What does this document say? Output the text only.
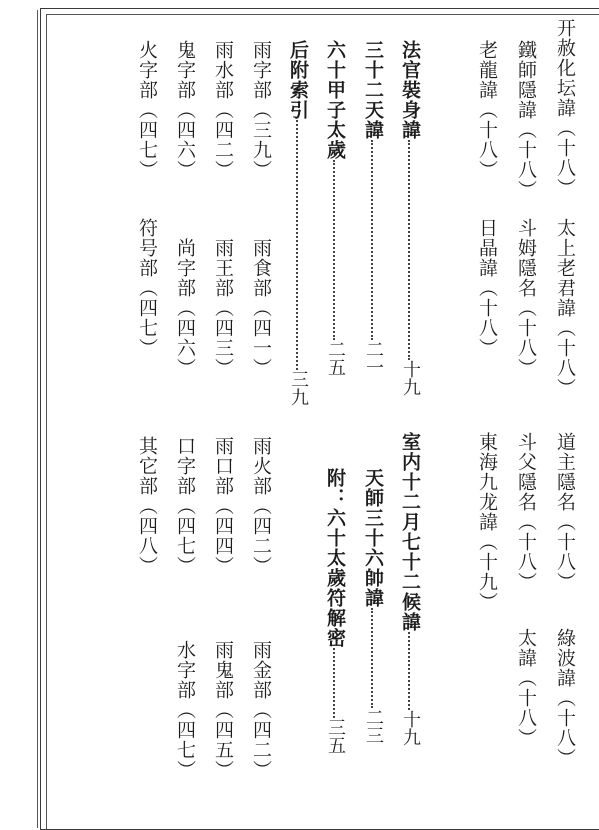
开赦化坛諱（十八）
太上老君諱（十八）
道主隱名（十八）
綠波諱（十八）
鐵師隱諱（十八）
斗姆隱名（十八）
斗父隱名（十八）
太諱（十八）
老龍諱（十八）
日晶諱（十八）
東海九龙諱（十九）
法官裝身諱
十九
室内十二月七十二候諱
十九
三十二天諱
二一
天師三十六帥諱
二三
六十甲子太歲
二五
附：六十太歲符解密
三五
后附索引
三九
雨字部（三九）
雨食部（四一）
雨火部（四二）
雨金部（四二）
雨水部（四二）
雨王部（四三）
雨口部（四四）
雨鬼部（四五）
鬼字部（四六）
尚字部（四六）
口字部（四七）
水字部（四七）
火字部（四七）
符号部（四七）
其它部（四八）
